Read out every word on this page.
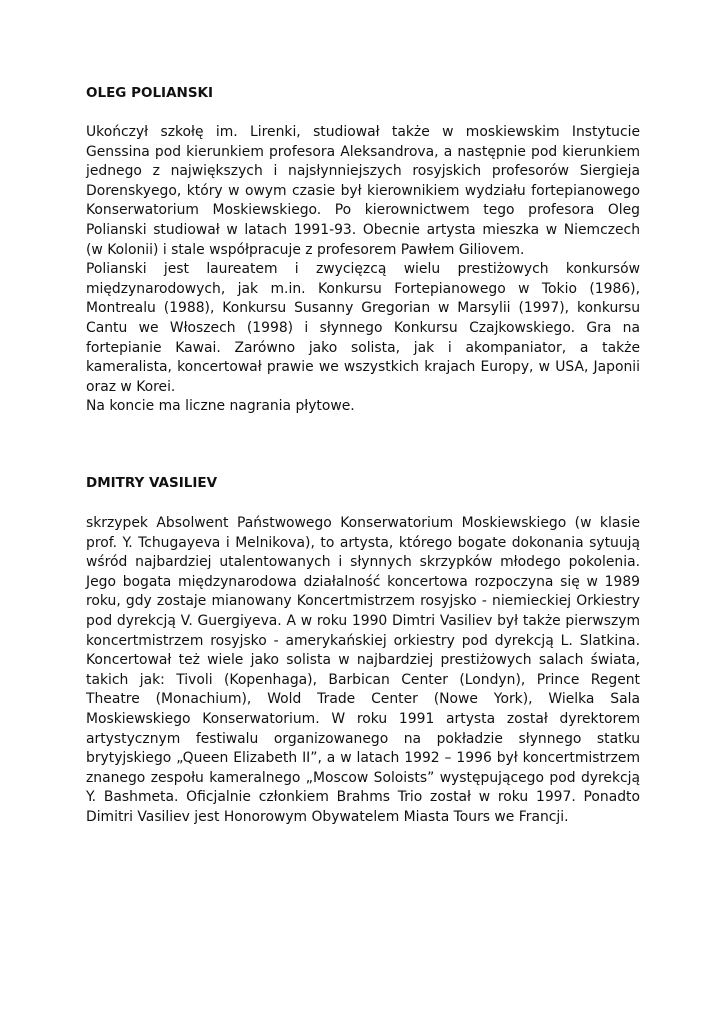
OLEG POLIANSKI

Ukończył szkołę im. Lirenki, studiował także w moskiewskim Instytucie Genssina pod kierunkiem profesora Aleksandrova, a następnie pod kierunkiem jednego z największych i najsłynniejszych rosyjskich profesorów Siergieja Dorenskyego, który w owym czasie był kierownikiem wydziału fortepianowego Konserwatorium Moskiewskiego. Po kierownictwem tego profesora Oleg Polianski studiował w latach 1991-93. Obecnie artysta mieszka w Niemczech (w Kolonii) i stale współpracuje z profesorem Pawłem Giliovem.

Polianski jest laureatem i zwycięzcą wielu prestiżowych konkursów międzynarodowych, jak m.in. Konkursu Fortepianowego w Tokio (1986), Montrealu (1988), Konkursu Susanny Gregorian w Marsylii (1997), konkursu Cantu we Włoszech (1998) i słynnego Konkursu Czajkowskiego. Gra na fortepianie Kawai. Zarówno jako solista, jak i akompaniator, a także kameralista, koncertował prawie we wszystkich krajach Europy, w USA, Japonii oraz w Korei.

Na koncie ma liczne nagrania płytowe.

DMITRY VASILIEV

skrzypek Absolwent Państwowego Konserwatorium Moskiewskiego (w klasie prof. Y. Tchugayeva i Melnikova), to artysta, którego bogate dokonania sytuują wśród najbardziej utalentowanych i słynnych skrzypków młodego pokolenia. Jego bogata międzynarodowa działalność koncertowa rozpoczyna się w 1989 roku, gdy zostaje mianowany Koncertmistrzem rosyjsko - niemieckiej Orkiestry pod dyrekcją V. Guergiyeva. A w roku 1990 Dimtri Vasiliev był także pierwszym koncertmistrzem rosyjsko - amerykańskiej orkiestry pod dyrekcją L. Slatkina. Koncertował też wiele jako solista w najbardziej prestiżowych salach świata, takich jak: Tivoli (Kopenhaga), Barbican Center (Londyn), Prince Regent Theatre (Monachium), Wold Trade Center (Nowe York), Wielka Sala Moskiewskiego Konserwatorium. W roku 1991 artysta został dyrektorem artystycznym festiwalu organizowanego na pokładzie słynnego statku brytyjskiego „Queen Elizabeth II”, a w latach 1992 – 1996 był koncertmistrzem znanego zespołu kameralnego „Moscow Soloists” występującego pod dyrekcją Y. Bashmeta. Oficjalnie członkiem Brahms Trio został w roku 1997. Ponadto Dimitri Vasiliev jest Honorowym Obywatelem Miasta Tours we Francji.
